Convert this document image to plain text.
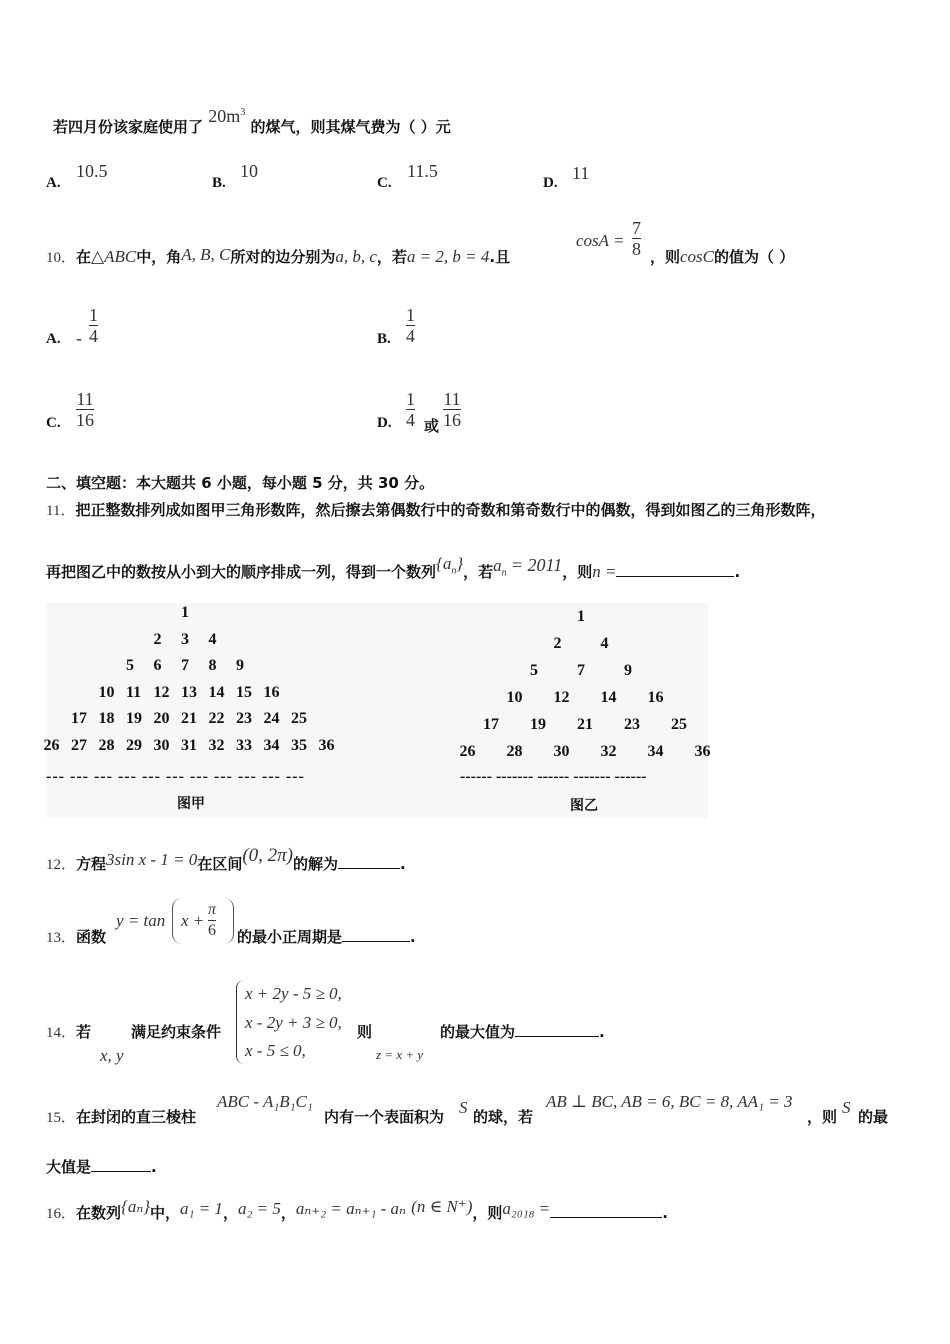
若四月份该家庭使用了 $20m^3$ 的煤气，则其煤气费为（ ）元
A.
10.5
B.
10
C.
11.5
D. 11
10．在△ABC中，角A, B, C所对的边分别为a, b, c，若a = 2, b = 4.且
cosA =
7
8 ，则cosC的值为（ ）
A. -
1
4	B.
1
4
C.
11
16	D.
1
4 或
11
16
二、填空题：本大题共 6 小题，每小题 5 分，共 30 分。
11．把正整数排列成如图甲三角形数阵，然后擦去第偶数行中的奇数和第奇数行中的偶数，得到如图乙的三角形数阵，
再把图乙中的数按从小到大的顺序排成一列，得到一个数列$\{a_n\}$，若$a_n = 2011$，则n =	.
1
2 3 4
5 6 7 8 9
10 11 12 13 14 15 16
17 18 19 20 21 22 23 24 25
26 27 28 29 30 31 32 33 34 35 36
1
2 4
5 7 9
10 12 14 16
17 19 21 23 25
26 28 30 32 34 36
--- --- --- --- --- --- --- --- --- --- ---	------ ------- ------ ------- ------
图甲	图乙
12．方程3sin x - 1 = 0在区间(0, 2π)的解为	.
13．函数
y = tan x +
π
6 的最小正周期是	.
14．若
x, y
满足约束条件
x + 2y - 5 ≥ 0,
x - 2y + 3 ≥ 0,
x - 5 ≤ 0,
则
z = x + y
的最大值为	.
15．在封闭的直三棱柱
ABC - A₁B₁C₁
内有一个表面积为 S 的球，若
AB ⊥ BC, AB = 6, BC = 8, AA₁ = 3
，则 S 的最
大值是	.
16．在数列{aₙ}中，a₁ = 1，a₂ = 5，aₙ₊₂ = aₙ₊₁ - aₙ (n ∈ N⁺)，则a₂₀₁₈ =	.
